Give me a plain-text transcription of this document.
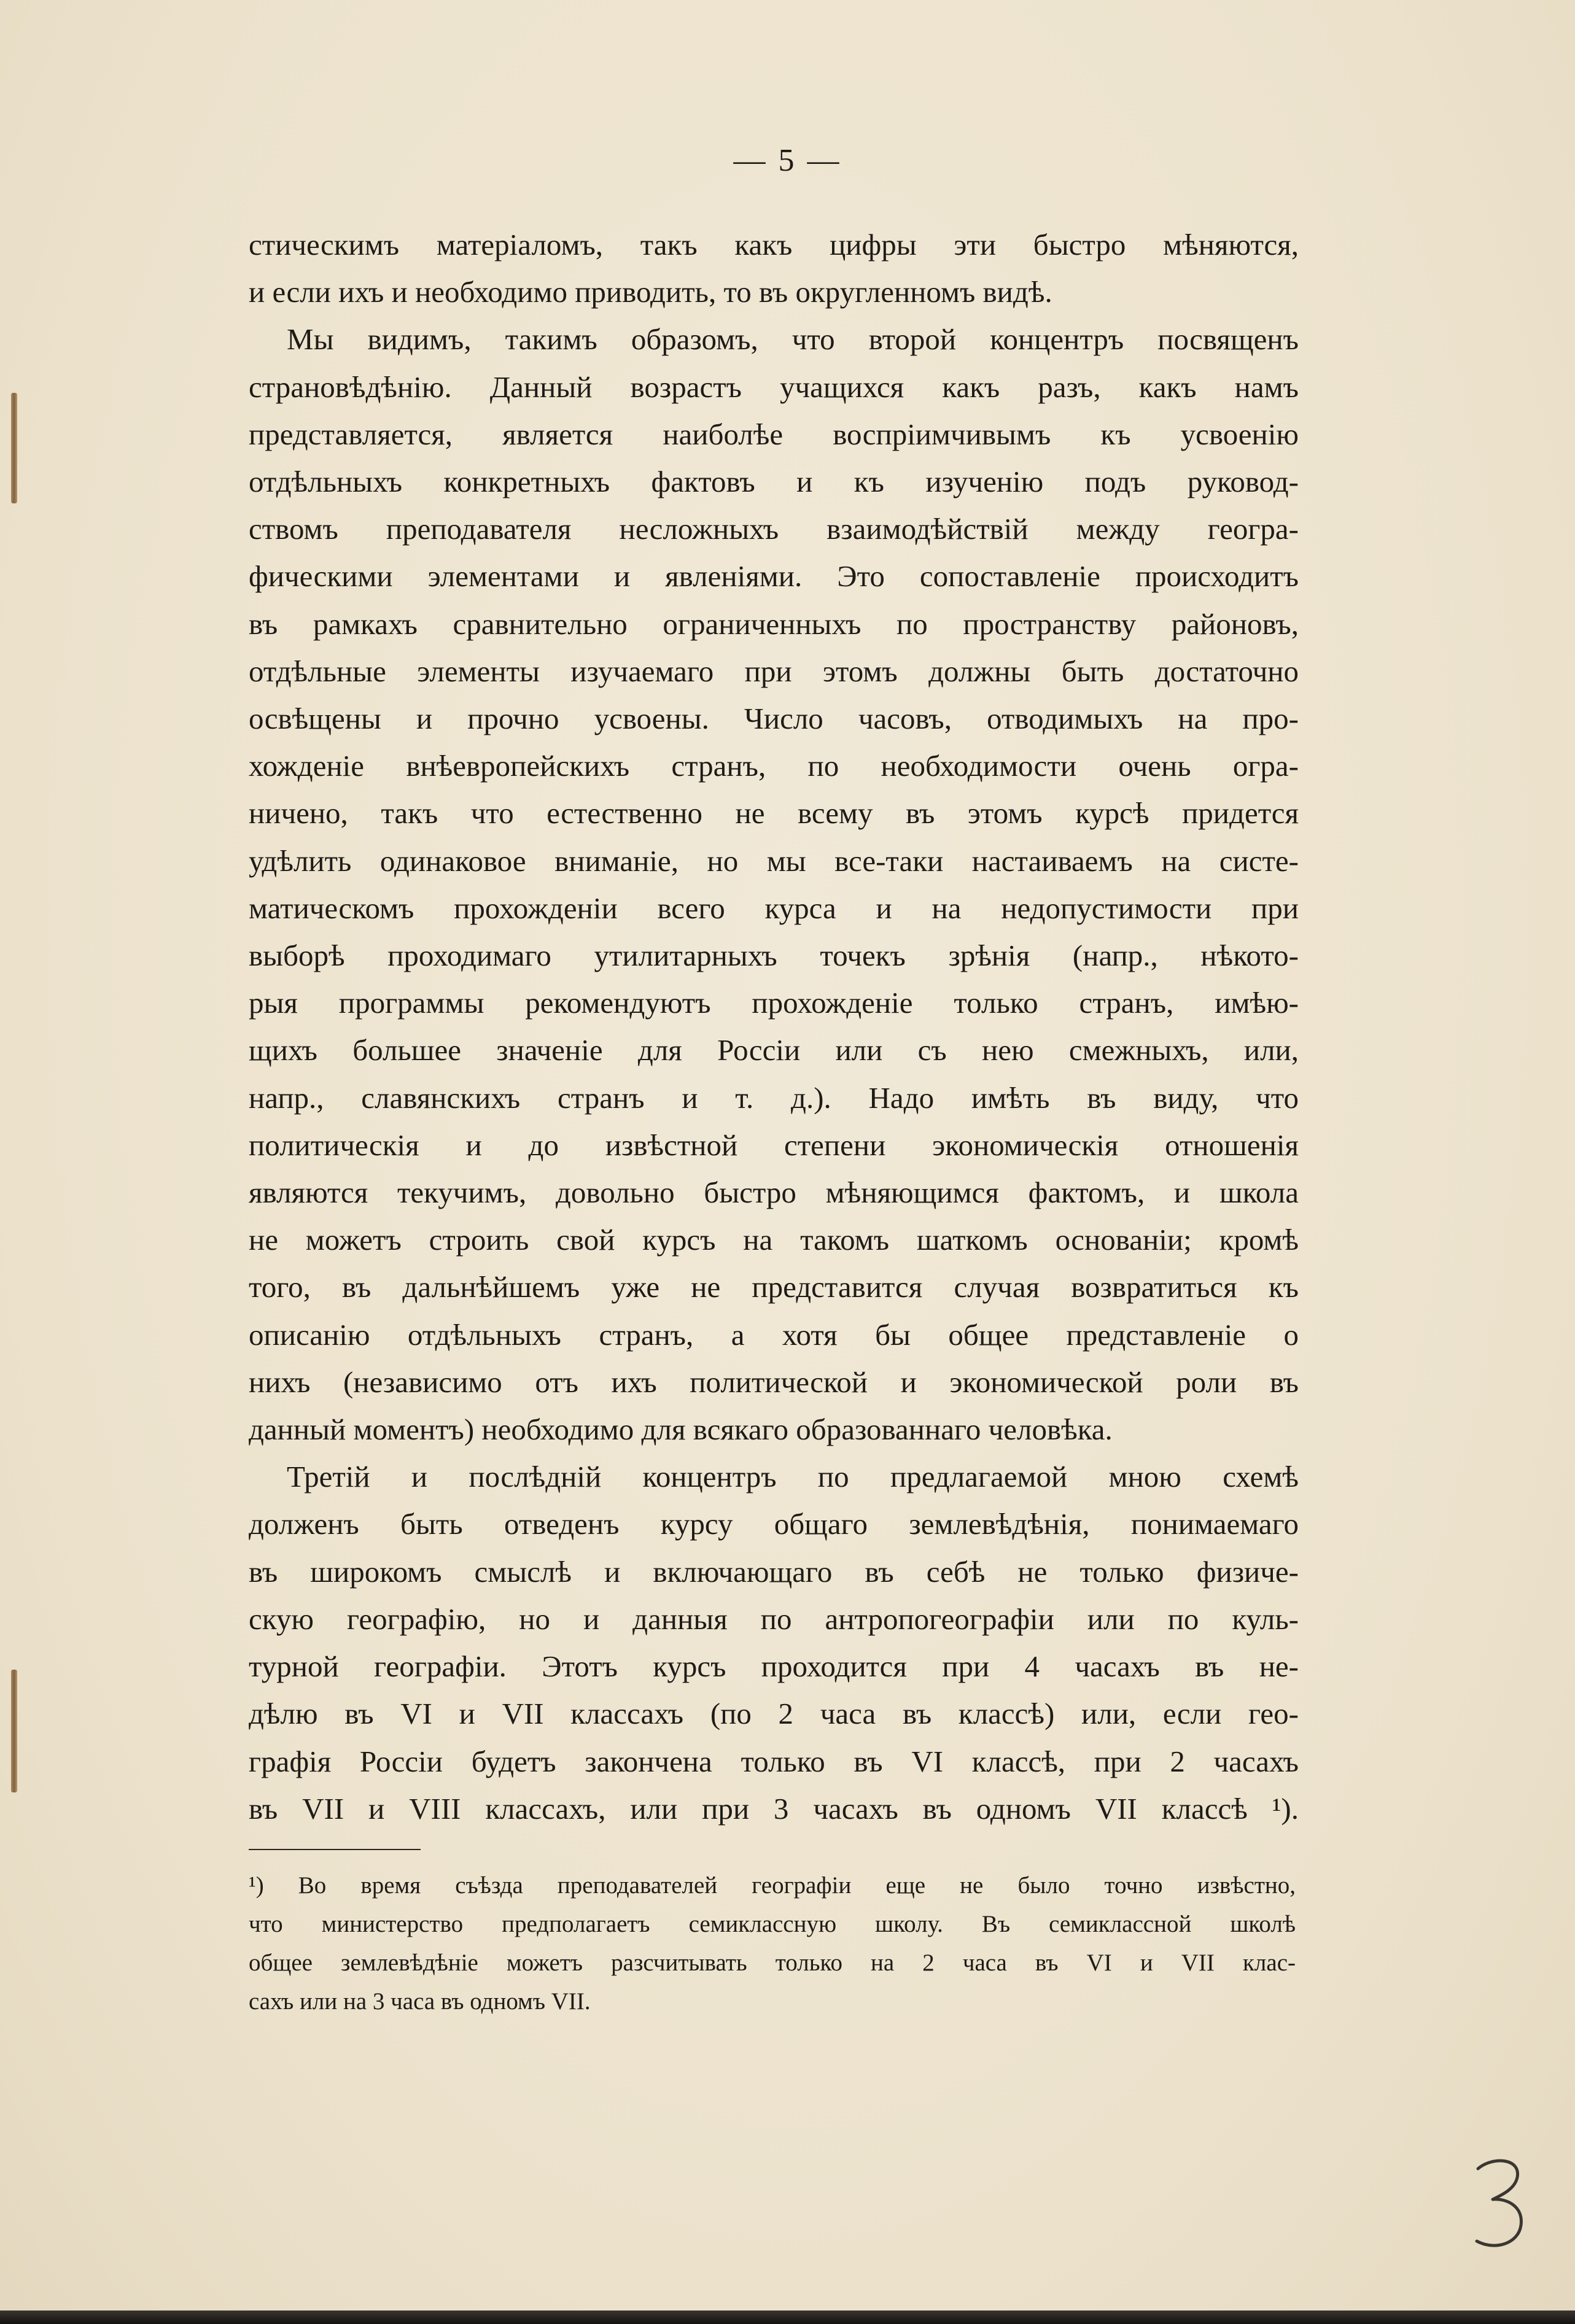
— 5 —
стическимъ матеріаломъ, такъ какъ цифры эти быстро мѣняются,
и если ихъ и необходимо приводить, то въ округленномъ видѣ.
Мы видимъ, такимъ образомъ, что второй концентръ посвященъ
страновѣдѣнію. Данный возрастъ учащихся какъ разъ, какъ намъ
представляется, является наиболѣе воспріимчивымъ къ усвоенію
отдѣльныхъ конкретныхъ фактовъ и къ изученію подъ руковод-
ствомъ преподавателя несложныхъ взаимодѣйствій между геогра-
фическими элементами и явленіями. Это сопоставленіе происходитъ
въ рамкахъ сравнительно ограниченныхъ по пространству районовъ,
отдѣльные элементы изучаемаго при этомъ должны быть достаточно
освѣщены и прочно усвоены. Число часовъ, отводимыхъ на про-
хожденіе внѣевропейскихъ странъ, по необходимости очень огра-
ничено, такъ что естественно не всему въ этомъ курсѣ придется
удѣлить одинаковое вниманіе, но мы все-таки настаиваемъ на систе-
матическомъ прохожденіи всего курса и на недопустимости при
выборѣ проходимаго утилитарныхъ точекъ зрѣнія (напр., нѣкото-
рыя программы рекомендуютъ прохожденіе только странъ, имѣю-
щихъ большее значеніе для Россіи или съ нею смежныхъ, или,
напр., славянскихъ странъ и т. д.). Надо имѣть въ виду, что
политическія и до извѣстной степени экономическія отношенія
являются текучимъ, довольно быстро мѣняющимся фактомъ, и школа
не можетъ строить свой курсъ на такомъ шаткомъ основаніи; кромѣ
того, въ дальнѣйшемъ уже не представится случая возвратиться къ
описанію отдѣльныхъ странъ, а хотя бы общее представленіе о
нихъ (независимо отъ ихъ политической и экономической роли въ
данный моментъ) необходимо для всякаго образованнаго человѣка.
Третій и послѣдній концентръ по предлагаемой мною схемѣ
долженъ быть отведенъ курсу общаго землевѣдѣнія, понимаемаго
въ широкомъ смыслѣ и включающаго въ себѣ не только физиче-
скую географію, но и данныя по антропогеографіи или по куль-
турной географіи. Этотъ курсъ проходится при 4 часахъ въ не-
дѣлю въ VI и VII классахъ (по 2 часа въ классѣ) или, если гео-
графія Россіи будетъ закончена только въ VI классѣ, при 2 часахъ
въ VII и VIII классахъ, или при 3 часахъ въ одномъ VII классѣ ¹).
¹) Во время съѣзда преподавателей географіи еще не было точно извѣстно,
что министерство предполагаетъ семиклассную школу. Въ семиклассной школѣ
общее землевѣдѣніе можетъ разсчитывать только на 2 часа въ VI и VII клас-
сахъ или на 3 часа въ одномъ VII.
